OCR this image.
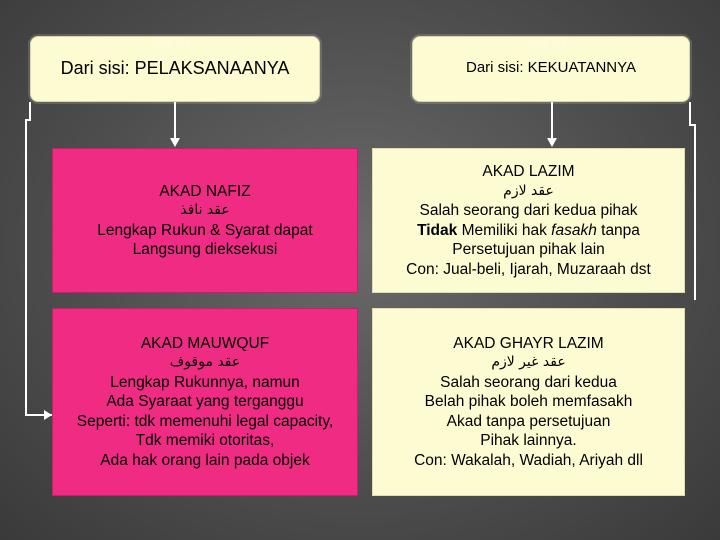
AKAD
Dari sisi: PELAKSANAANYA
AKAD
Dari sisi: KEKUATANNYA
AKAD NAFIZ
عقد نافذ
Lengkap Rukun & Syarat dapat
Langsung dieksekusi
AKAD MAUWQUF
عقد موقوف
Lengkap Rukunnya, namun
Ada Syaraat yang terganggu
Seperti: tdk memenuhi legal capacity,
Tdk memiki otoritas,
Ada hak orang lain pada objek
AKAD LAZIM
عقد لازم
Salah seorang dari kedua pihak
Tidak Memiliki hak fasakh tanpa
Persetujuan pihak lain
Con: Jual-beli, Ijarah, Muzaraah dst
AKAD GHAYR LAZIM
عقد غير لازم
Salah seorang dari kedua
Belah pihak boleh memfasakh
Akad tanpa persetujuan
Pihak lainnya.
Con: Wakalah, Wadiah, Ariyah dll
